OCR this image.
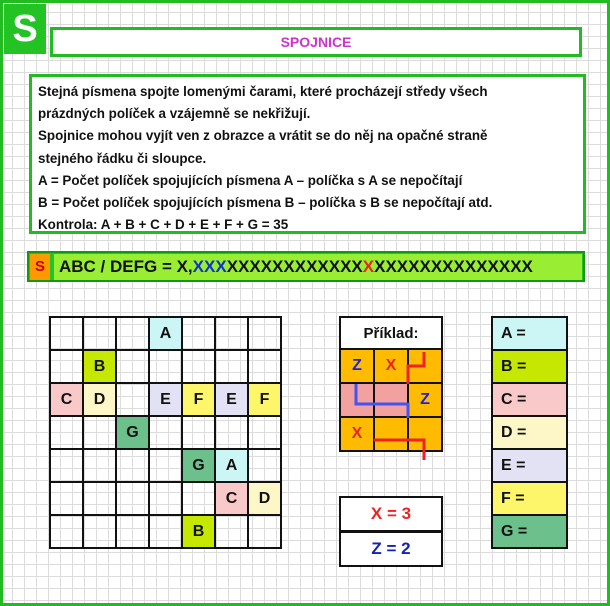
S	SPOJNICE
Stejná písmena spojte lomenými čarami, které procházejí středy všech
prázdných políček a vzájemně se nekřižují.
Spojnice mohou vyjít ven z obrazce a vrátit se do něj na opačné straně
stejného řádku či sloupce.
A = Počet políček spojujících písmena A – políčka s A se nepočítají
B = Počet políček spojujících písmena B – políčka s B se nepočítají atd.
Kontrola: A + B + C + D + E + F + G = 35
S ABC / DEFG = X,XXXXXXXXXXXXXXXXXXXXXXXXXXXXXX
			A			
	B					
C	D		E	F	E	F
		G				
				G	A	
					C	D
				B		
Příklad:		
Z	X	
		Z
X		
X = 3
Z = 2
A =
B =
C =
D =
E =
F =
G =
